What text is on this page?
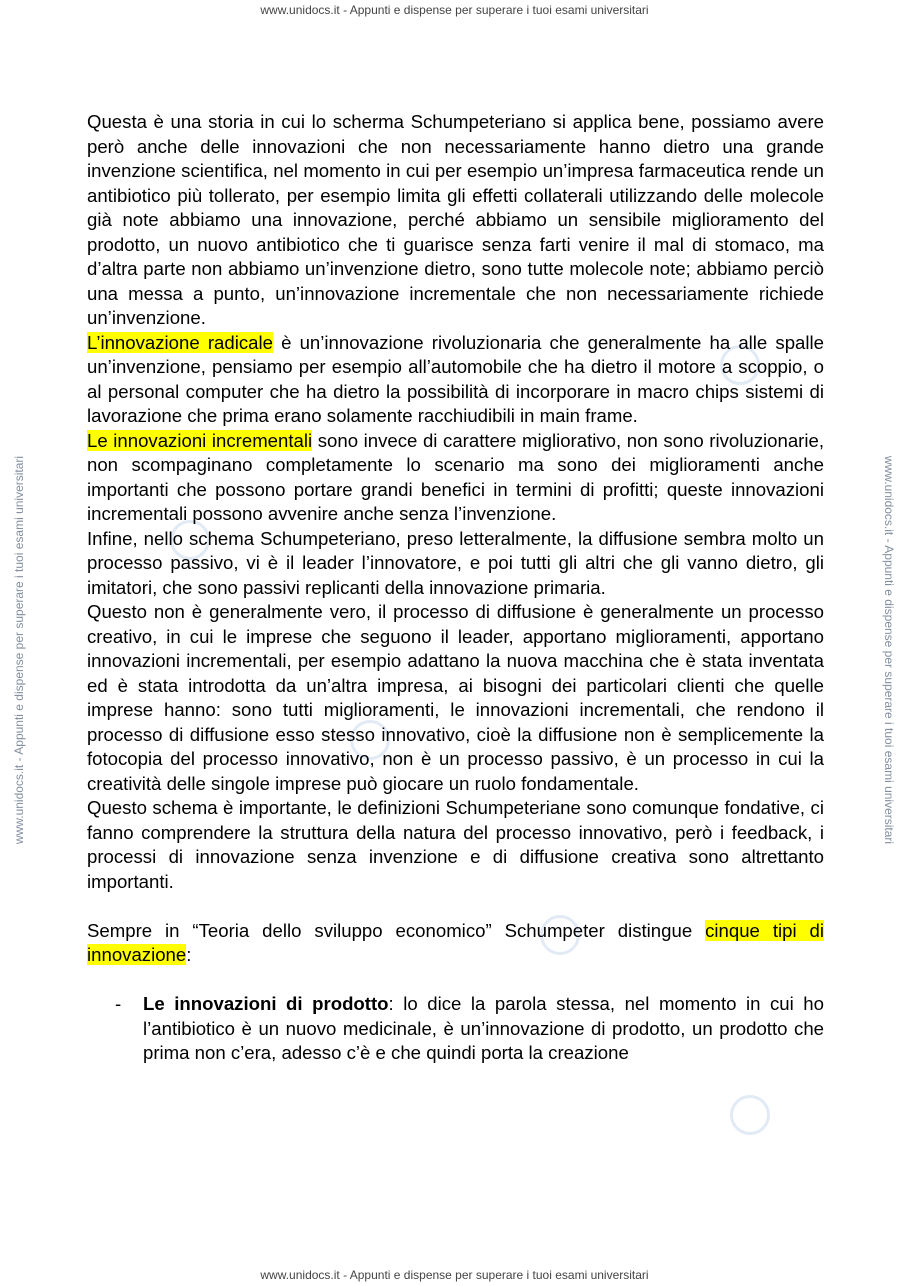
www.unidocs.it - Appunti e dispense per superare i tuoi esami universitari
www.unidocs.it - Appunti e dispense per superare i tuoi esami universitari	www.unidocs.it - Appunti e dispense per superare i tuoi esami universitari

Questa è una storia in cui lo scherma Schumpeteriano si applica bene, possiamo avere però anche delle innovazioni che non necessariamente hanno dietro una grande invenzione scientifica, nel momento in cui per esempio un’impresa farmaceutica rende un antibiotico più tollerato, per esempio limita gli effetti collaterali utilizzando delle molecole già note abbiamo una innovazione, perché abbiamo un sensibile miglioramento del prodotto, un nuovo antibiotico che ti guarisce senza farti venire il mal di stomaco, ma d’altra parte non abbiamo un’invenzione dietro, sono tutte molecole note; abbiamo perciò una messa a punto, un’innovazione incrementale che non necessariamente richiede un’invenzione.

L’innovazione radicale è un’innovazione rivoluzionaria che generalmente ha alle spalle un’invenzione, pensiamo per esempio all’automobile che ha dietro il motore a scoppio, o al personal computer che ha dietro la possibilità di incorporare in macro chips sistemi di lavorazione che prima erano solamente racchiudibili in main frame.

Le innovazioni incrementali sono invece di carattere migliorativo, non sono rivoluzionarie, non scompaginano completamente lo scenario ma sono dei miglioramenti anche importanti che possono portare grandi benefici in termini di profitti; queste innovazioni incrementali possono avvenire anche senza l’invenzione.

Infine, nello schema Schumpeteriano, preso letteralmente, la diffusione sembra molto un processo passivo, vi è il leader l’innovatore, e poi tutti gli altri che gli vanno dietro, gli imitatori, che sono passivi replicanti della innovazione primaria.

Questo non è generalmente vero, il processo di diffusione è generalmente un processo creativo, in cui le imprese che seguono il leader, apportano miglioramenti, apportano innovazioni incrementali, per esempio adattano la nuova macchina che è stata inventata ed è stata introdotta da un’altra impresa, ai bisogni dei particolari clienti che quelle imprese hanno: sono tutti miglioramenti, le innovazioni incrementali, che rendono il processo di diffusione esso stesso innovativo, cioè la diffusione non è semplicemente la fotocopia del processo innovativo, non è un processo passivo, è un processo in cui la creatività delle singole imprese può giocare un ruolo fondamentale.

Questo schema è importante, le definizioni Schumpeteriane sono comunque fondative, ci fanno comprendere la struttura della natura del processo innovativo, però i feedback, i processi di innovazione senza invenzione e di diffusione creativa sono altrettanto importanti.

Sempre in “Teoria dello sviluppo economico” Schumpeter distingue cinque tipi di innovazione:

- Le innovazioni di prodotto: lo dice la parola stessa, nel momento in cui ho l’antibiotico è un nuovo medicinale, è un’innovazione di prodotto, un prodotto che prima non c’era, adesso c’è e che quindi porta la creazione
www.unidocs.it - Appunti e dispense per superare i tuoi esami universitari
